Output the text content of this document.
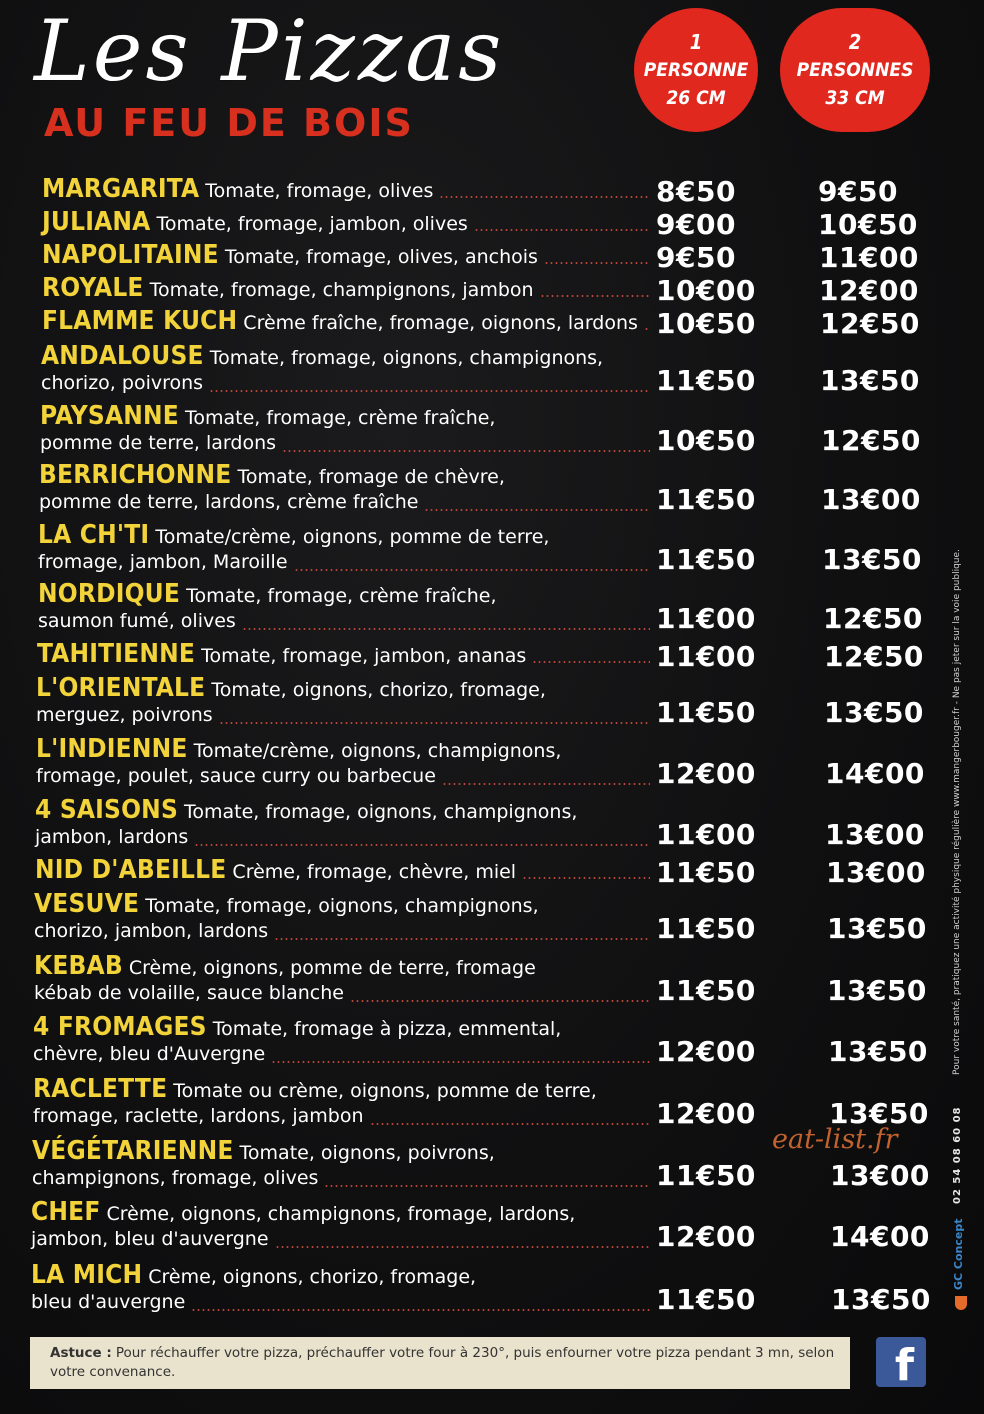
Les Pizzas
AU FEU DE BOIS
1
PERSONNE
26 CM
2
PERSONNES
33 CM
MARGARITA Tomate, fromage, olives	8€50	9€50
JULIANA Tomate, fromage, jambon, olives	9€00	10€50
NAPOLITAINE Tomate, fromage, olives, anchois	9€50	11€00
ROYALE Tomate, fromage, champignons, jambon	10€00 12€00
FLAMME KUCH Crème fraîche, fromage, oignons, lardons 10€50 12€50
ANDALOUSE Tomate, fromage, oignons, champignons,
chorizo, poivrons	11€50 13€50
PAYSANNE Tomate, fromage, crème fraîche,
pomme de terre, lardons	10€50 12€50
BERRICHONNE Tomate, fromage de chèvre,
pomme de terre, lardons, crème fraîche	11€50 13€00
LA CH'TI Tomate/crème, oignons, pomme de terre,
fromage, jambon, Maroille	11€50 13€50
NORDIQUE Tomate, fromage, crème fraîche,
saumon fumé, olives	11€00 12€50
TAHITIENNE Tomate, fromage, jambon, ananas	11€00 12€50
L'ORIENTALE Tomate, oignons, chorizo, fromage,
merguez, poivrons	11€50 13€50
L'INDIENNE Tomate/crème, oignons, champignons,
fromage, poulet, sauce curry ou barbecue	12€00 14€00
4 SAISONS Tomate, fromage, oignons, champignons,
jambon, lardons	11€00 13€00
NID D'ABEILLE Crème, fromage, chèvre, miel	11€50	13€00
VESUVE Tomate, fromage, oignons, champignons,
chorizo, jambon, lardons	11€50	13€50
KEBAB Crème, oignons, pomme de terre, fromage
kébab de volaille, sauce blanche	11€50	13€50
4 FROMAGES Tomate, fromage à pizza, emmental,
chèvre, bleu d'Auvergne	12€00	13€50
RACLETTE Tomate ou crème, oignons, pomme de terre,
fromage, raclette, lardons, jambon	12€00	13€50
VÉGÉTARIENNE Tomate, oignons, poivrons,
champignons, fromage, olives	11€50	13€00
CHEF Crème, oignons, champignons, fromage, lardons,
jambon, bleu d'auvergne	12€00	14€00
LA MICH Crème, oignons, chorizo, fromage,
bleu d'auvergne	11€50	13€50
Pour votre santé, pratiquez une activité physique régulière www.mangerbouger.fr - Ne pas jeter sur la voie publique.
02 54 08 60 08
GC Concept
eat-list.fr
Astuce : Pour réchauffer votre pizza, préchauffer votre four à 230°, puis enfourner votre pizza pendant 3 mn, selon votre convenance.	f
